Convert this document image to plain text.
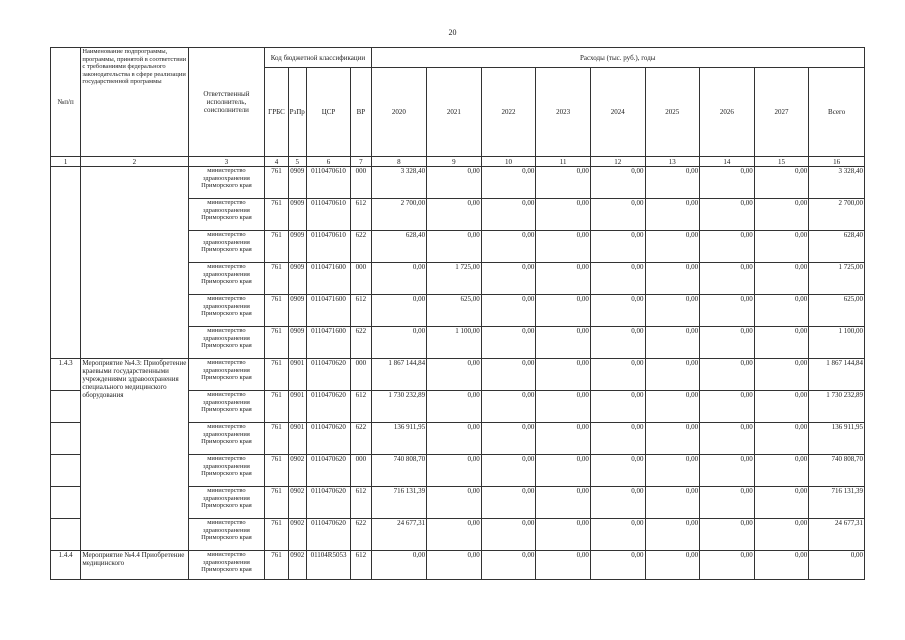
20
№п/п	Наименование подпрограммы, программы, принятой в соответствии с требованиями федерального законодательства в сфере реализации государственной программы	Ответственный исполнитель, соисполнители	Код бюджетной классификации				Расходы (тыс. руб.), годы								
			ГРБС	РзПр	ЦСР	ВР	2020	2021	2022	2023	2024	2025	2026	2027	Всего
1	2	3	4	5	6	7	8	9	10	11	12	13	14	15	16
		министерство здравоохранения Приморского края	761	0909	0110470610	000	3 328,40	0,00	0,00	0,00	0,00	0,00	0,00	0,00	3 328,40
		министерство здравоохранения Приморского края	761	0909	0110470610	612	2 700,00	0,00	0,00	0,00	0,00	0,00	0,00	0,00	2 700,00
		министерство здравоохранения Приморского края	761	0909	0110470610	622	628,40	0,00	0,00	0,00	0,00	0,00	0,00	0,00	628,40
		министерство здравоохранения Приморского края	761	0909	0110471600	000	0,00	1 725,00	0,00	0,00	0,00	0,00	0,00	0,00	1 725,00
		министерство здравоохранения Приморского края	761	0909	0110471600	612	0,00	625,00	0,00	0,00	0,00	0,00	0,00	0,00	625,00
		министерство здравоохранения Приморского края	761	0909	0110471600	622	0,00	1 100,00	0,00	0,00	0,00	0,00	0,00	0,00	1 100,00
1.4.3	Мероприятие №4.3: Приобретение краевыми государственными учреждениями здравоохранения специального медицинского оборудования	министерство здравоохранения Приморского края	761	0901	0110470620	000	1 867 144,84	0,00	0,00	0,00	0,00	0,00	0,00	0,00	1 867 144,84
		министерство здравоохранения Приморского края	761	0901	0110470620	612	1 730 232,89	0,00	0,00	0,00	0,00	0,00	0,00	0,00	1 730 232,89
		министерство здравоохранения Приморского края	761	0901	0110470620	622	136 911,95	0,00	0,00	0,00	0,00	0,00	0,00	0,00	136 911,95
		министерство здравоохранения Приморского края	761	0902	0110470620	000	740 808,70	0,00	0,00	0,00	0,00	0,00	0,00	0,00	740 808,70
		министерство здравоохранения Приморского края	761	0902	0110470620	612	716 131,39	0,00	0,00	0,00	0,00	0,00	0,00	0,00	716 131,39
		министерство здравоохранения Приморского края	761	0902	0110470620	622	24 677,31	0,00	0,00	0,00	0,00	0,00	0,00	0,00	24 677,31
1.4.4	Мероприятие №4.4 Приобретение медицинского	министерство здравоохранения Приморского края	761	0902	01104R5053	612	0,00	0,00	0,00	0,00	0,00	0,00	0,00	0,00	0,00
